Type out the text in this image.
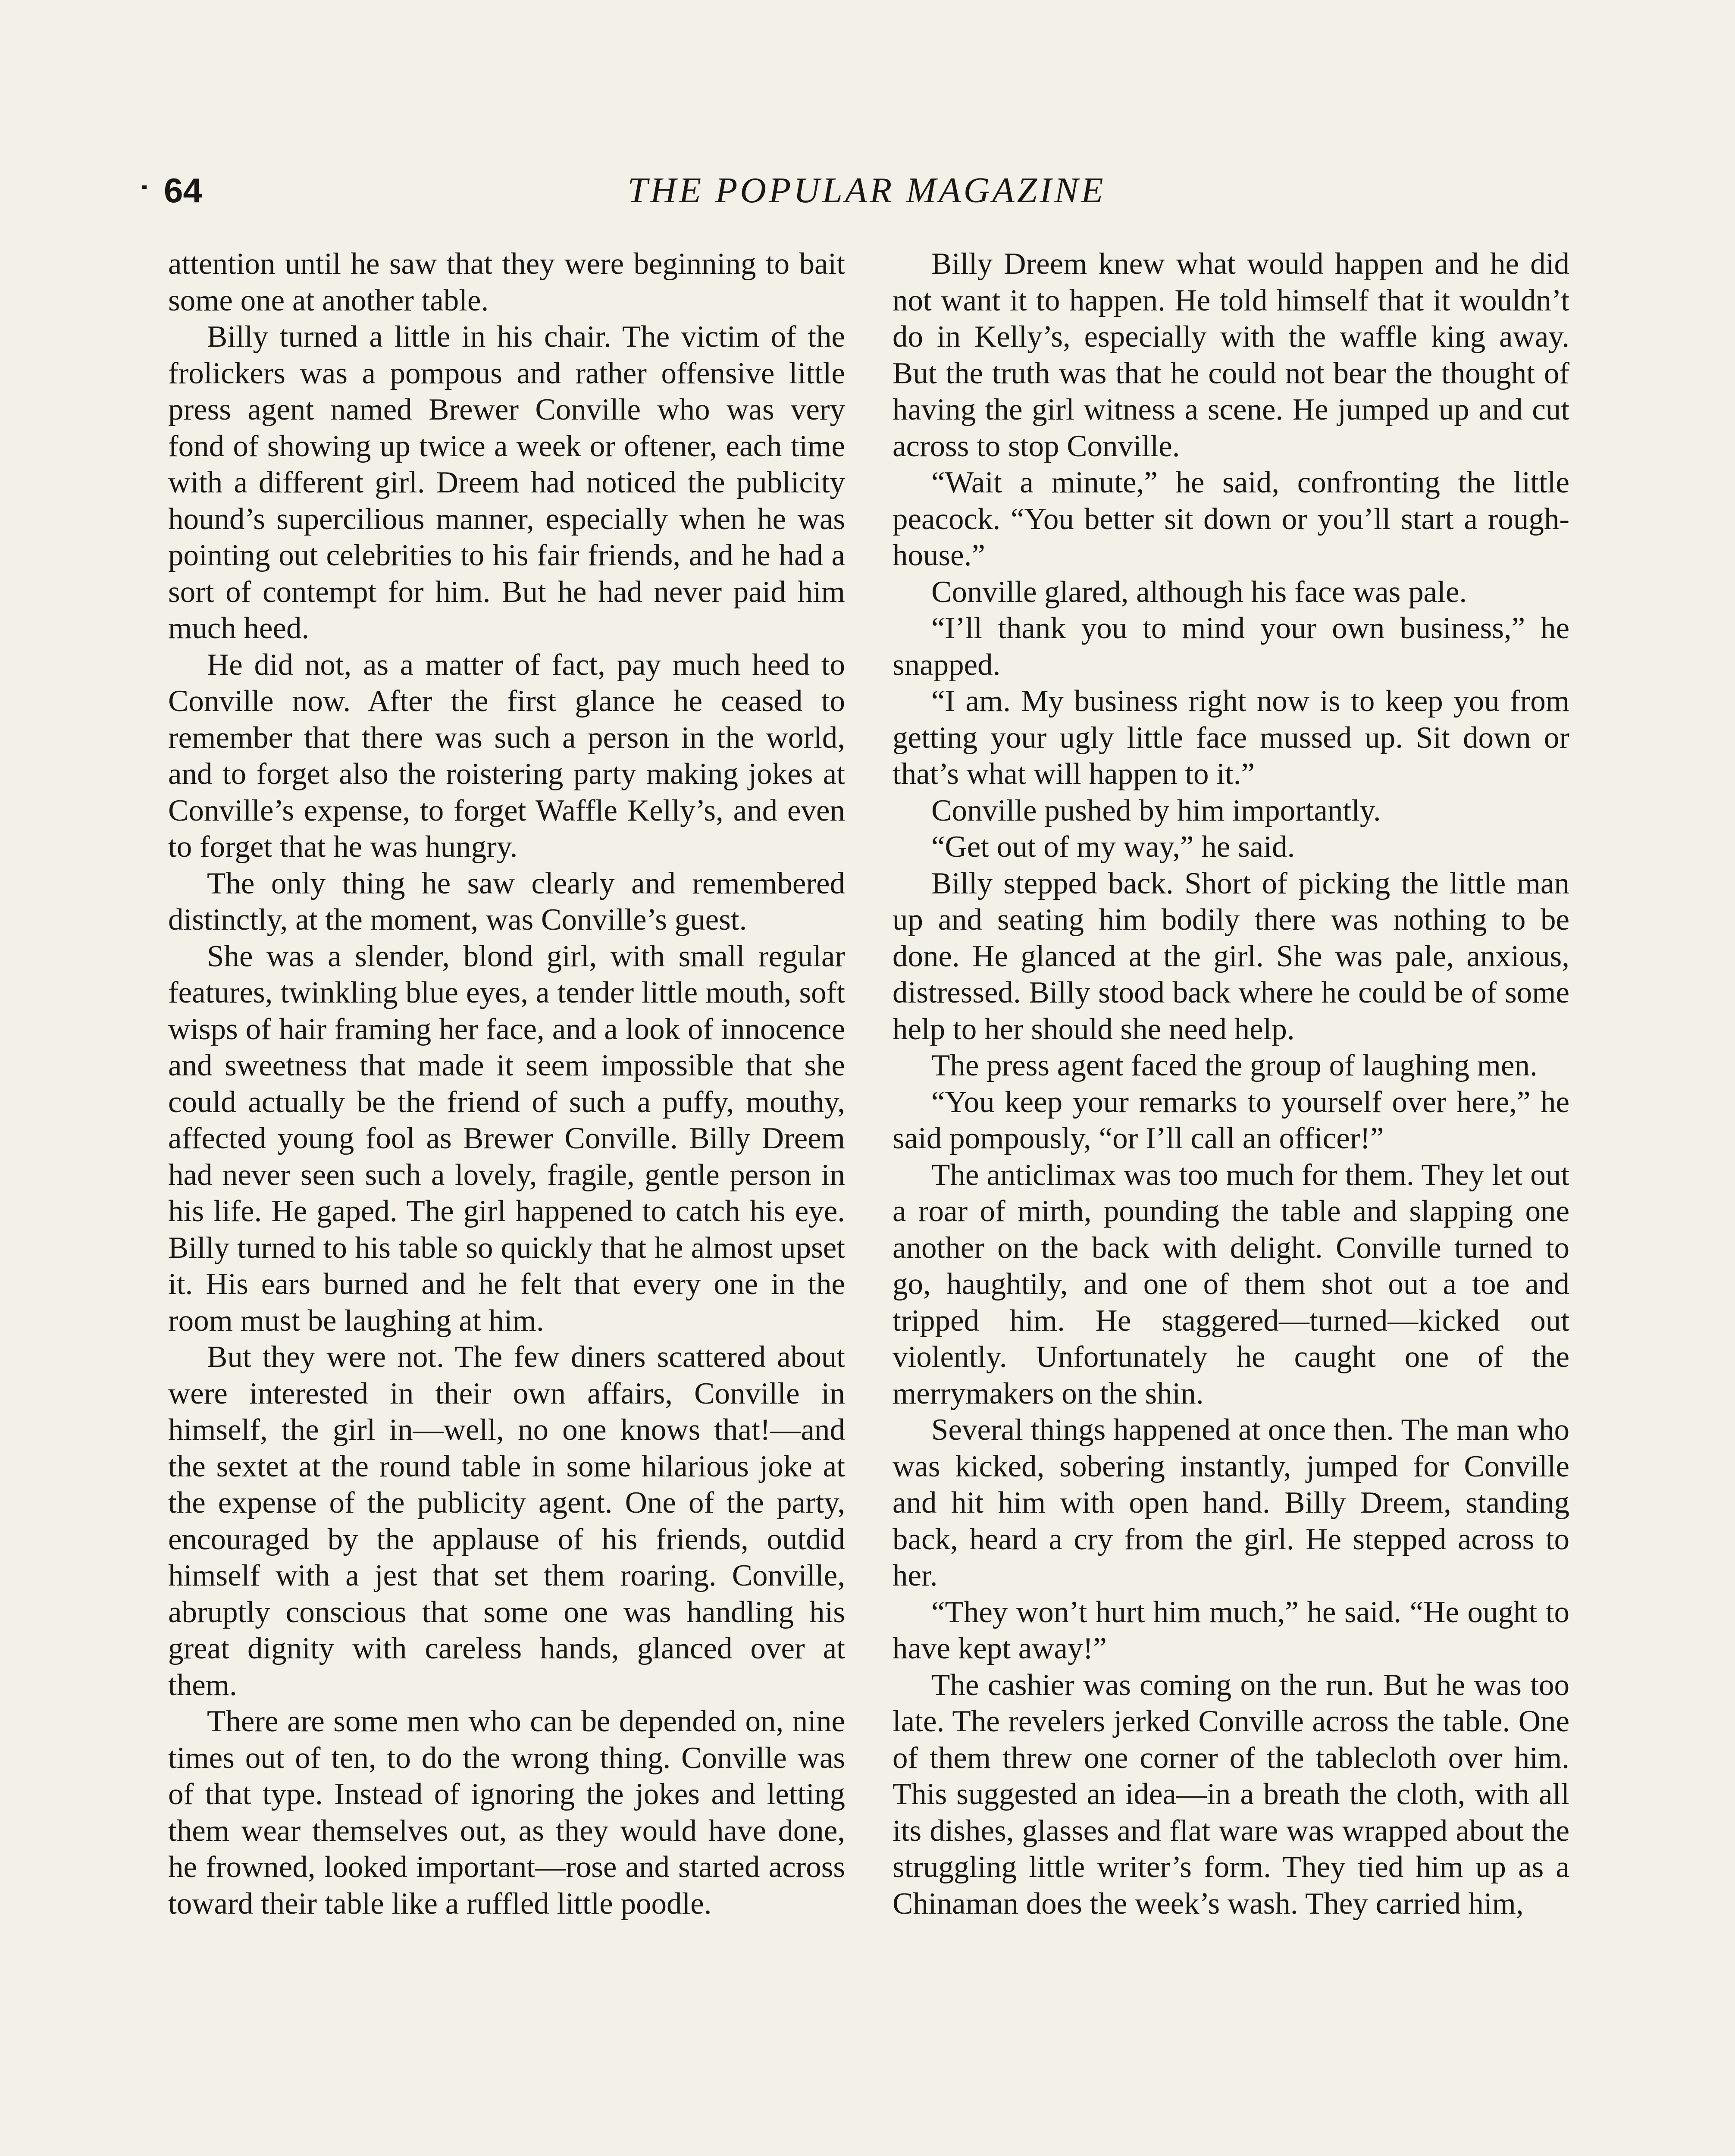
64	THE POPULAR MAGAZINE

attention until he saw that they were beginning to bait some one at another table.

Billy turned a little in his chair. The victim of the frolickers was a pompous and rather offensive little press agent named Brewer Conville who was very fond of showing up twice a week or oftener, each time with a different girl. Dreem had noticed the publicity hound’s supercilious manner, especially when he was pointing out celebrities to his fair friends, and he had a sort of contempt for him. But he had never paid him much heed.

He did not, as a matter of fact, pay much heed to Conville now. After the first glance he ceased to remember that there was such a person in the world, and to forget also the roistering party making jokes at Conville’s expense, to forget Waffle Kelly’s, and even to forget that he was hungry.

The only thing he saw clearly and remembered distinctly, at the moment, was Conville’s guest.

She was a slender, blond girl, with small regular features, twinkling blue eyes, a tender little mouth, soft wisps of hair framing her face, and a look of innocence and sweetness that made it seem impossible that she could actually be the friend of such a puffy, mouthy, affected young fool as Brewer Conville. Billy Dreem had never seen such a lovely, fragile, gentle person in his life. He gaped. The girl happened to catch his eye. Billy turned to his table so quickly that he almost upset it. His ears burned and he felt that every one in the room must be laughing at him.

But they were not. The few diners scattered about were interested in their own affairs, Conville in himself, the girl in—well, no one knows that!—and the sextet at the round table in some hilarious joke at the expense of the publicity agent. One of the party, encouraged by the applause of his friends, outdid himself with a jest that set them roaring. Conville, abruptly conscious that some one was handling his great dignity with careless hands, glanced over at them.

There are some men who can be depended on, nine times out of ten, to do the wrong thing. Conville was of that type. Instead of ignoring the jokes and letting them wear themselves out, as they would have done, he frowned, looked important—rose and started across toward their table like a ruffled little poodle.

Billy Dreem knew what would happen and he did not want it to happen. He told himself that it wouldn’t do in Kelly’s, especially with the waffle king away. But the truth was that he could not bear the thought of having the girl witness a scene. He jumped up and cut across to stop Conville.

“Wait a minute,” he said, confronting the little peacock. “You better sit down or you’ll start a rough-house.”

Conville glared, although his face was pale.

“I’ll thank you to mind your own business,” he snapped.

“I am. My business right now is to keep you from getting your ugly little face mussed up. Sit down or that’s what will happen to it.”

Conville pushed by him importantly.

“Get out of my way,” he said.

Billy stepped back. Short of picking the little man up and seating him bodily there was nothing to be done. He glanced at the girl. She was pale, anxious, distressed. Billy stood back where he could be of some help to her should she need help.

The press agent faced the group of laughing men.

“You keep your remarks to yourself over here,” he said pompously, “or I’ll call an officer!”

The anticlimax was too much for them. They let out a roar of mirth, pounding the table and slapping one another on the back with delight. Conville turned to go, haughtily, and one of them shot out a toe and tripped him. He staggered—turned—kicked out violently. Unfortunately he caught one of the merrymakers on the shin.

Several things happened at once then. The man who was kicked, sobering instantly, jumped for Conville and hit him with open hand. Billy Dreem, standing back, heard a cry from the girl. He stepped across to her.

“They won’t hurt him much,” he said. “He ought to have kept away!”

The cashier was coming on the run. But he was too late. The revelers jerked Conville across the table. One of them threw one corner of the tablecloth over him. This suggested an idea—in a breath the cloth, with all its dishes, glasses and flat ware was wrapped about the struggling little writer’s form. They tied him up as a Chinaman does the week’s wash. They carried him,
